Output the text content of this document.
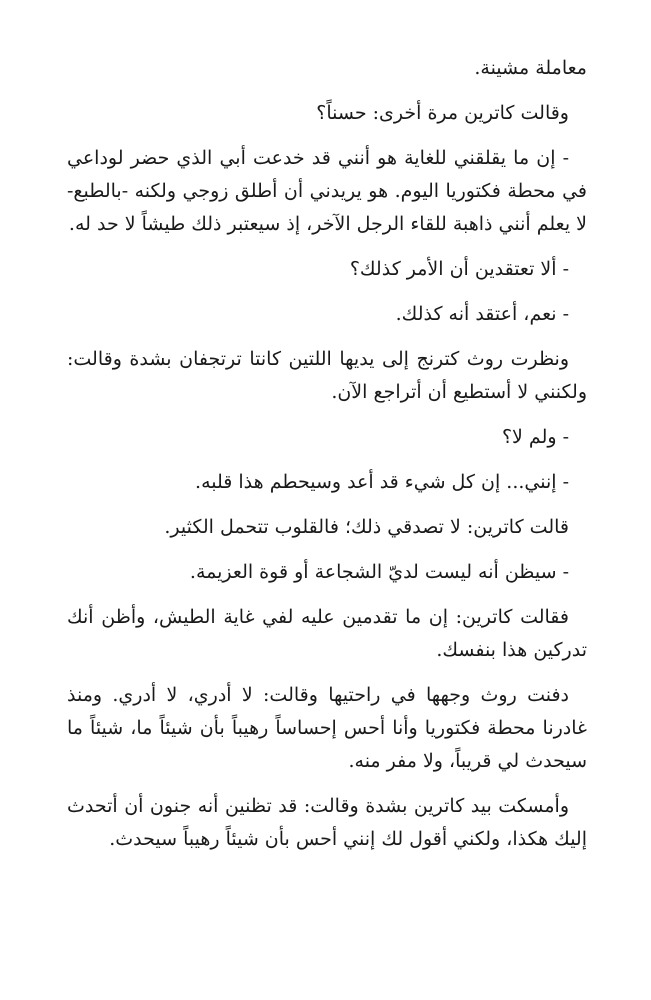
معاملة مشينة.

وقالت كاترين مرة أخرى: حسناً؟

- إن ما يقلقني للغاية هو أنني قد خدعت أبي الذي حضر لوداعي في محطة فكتوريا اليوم. هو يريدني أن أطلق زوجي ولكنه -بالطبع- لا يعلم أنني ذاهبة للقاء الرجل الآخر، إذ سيعتبر ذلك طيشاً لا حد له.

- ألا تعتقدين أن الأمر كذلك؟

- نعم، أعتقد أنه كذلك.

ونظرت روث كترنج إلى يديها اللتين كانتا ترتجفان بشدة وقالت: ولكنني لا أستطيع أن أتراجع الآن.

- ولم لا؟

- إنني... إن كل شيء قد أعد وسيحطم هذا قلبه.

قالت كاترين: لا تصدقي ذلك؛ فالقلوب تتحمل الكثير.

- سيظن أنه ليست لديّ الشجاعة أو قوة العزيمة.

فقالت كاترين: إن ما تقدمين عليه لفي غاية الطيش، وأظن أنك تدركين هذا بنفسك.

دفنت روث وجهها في راحتيها وقالت: لا أدري، لا أدري. ومنذ غادرنا محطة فكتوريا وأنا أحس إحساساً رهيباً بأن شيئاً ما، شيئاً ما سيحدث لي قريباً، ولا مفر منه.

وأمسكت بيد كاترين بشدة وقالت: قد تظنين أنه جنون أن أتحدث إليك هكذا، ولكني أقول لك إنني أحس بأن شيئاً رهيباً سيحدث.
